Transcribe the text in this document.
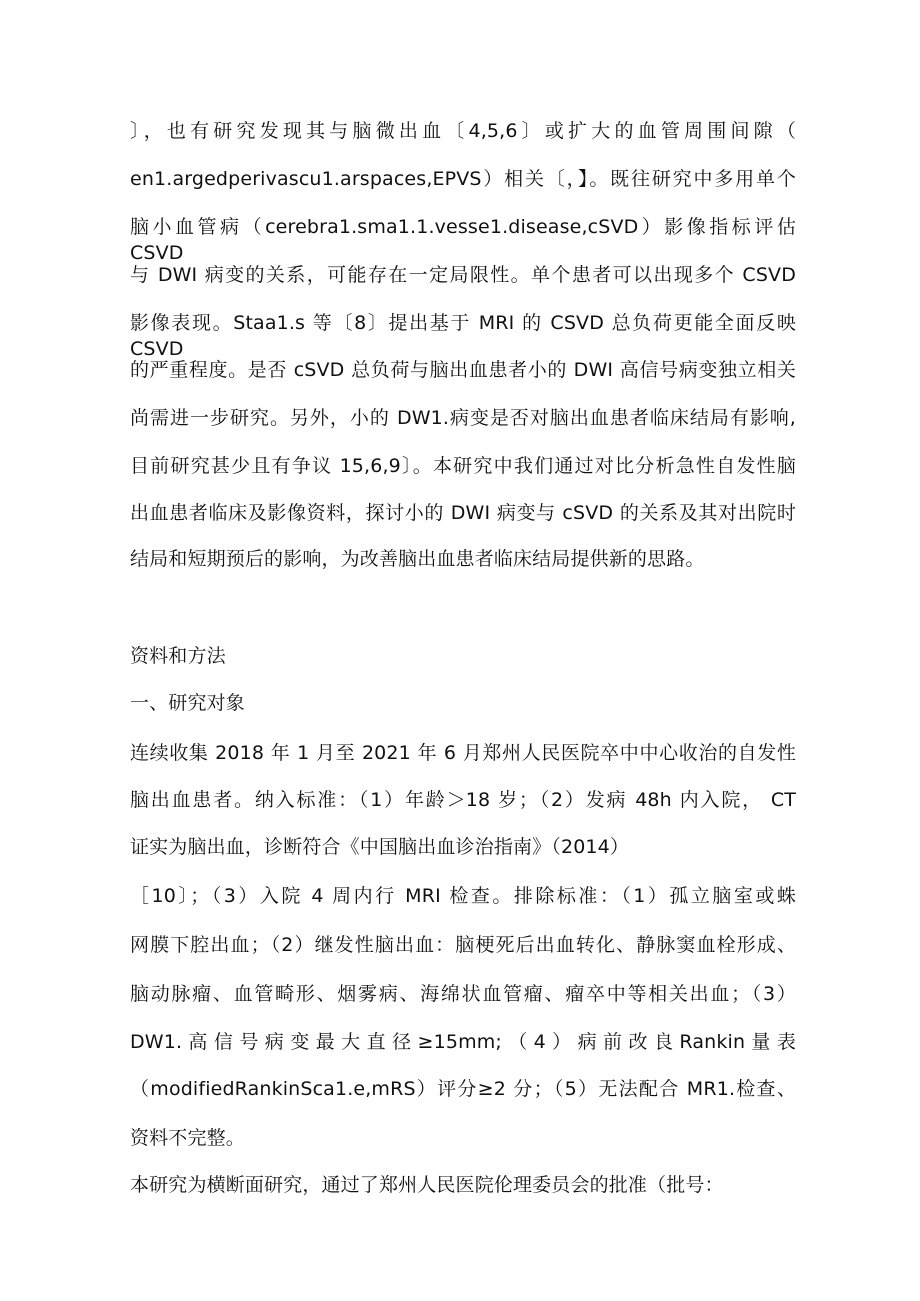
〕，也有研究发现其与脑微出血〔4,5,6〕或扩大的血管周围间隙（
en1.argedperivascu1.arspaces,EPVS）相关〔，】。既往研究中多用单个
脑小血管病（cerebra1.sma1.1.vesse1.disease,cSVD）影像指标评估 CSVD
与 DWI 病变的关系，可能存在一定局限性。单个患者可以出现多个 CSVD
影像表现。Staa1.s 等〔8〕提出基于 MRI 的 CSVD 总负荷更能全面反映 CSVD
的严重程度。是否 cSVD 总负荷与脑出血患者小的 DWI 高信号病变独立相关
尚需进一步研究。另外，小的 DW1.病变是否对脑出血患者临床结局有影响,
目前研究甚少且有争议 15,6,9〕。本研究中我们通过对比分析急性自发性脑
出血患者临床及影像资料，探讨小的 DWI 病变与 cSVD 的关系及其对出院时
结局和短期预后的影响，为改善脑出血患者临床结局提供新的思路。
资料和方法
一、研究对象
连续收集 2018 年 1 月至 2021 年 6 月郑州人民医院卒中中心收治的自发性
脑出血患者。纳入标准：（1）年龄＞18 岁；（2）发病 48h 内入院， CT
证实为脑出血，诊断符合《中国脑出血诊治指南》（2014）
［10〕；（3）入院 4 周内行 MRI 检查。排除标准：（1）孤立脑室或蛛
网膜下腔出血；（2）继发性脑出血：脑梗死后出血转化、静脉窦血栓形成、
脑动脉瘤、血管畸形、烟雾病、海绵状血管瘤、瘤卒中等相关出血；（3）
DW1. 高 信 号 病 变 最 大 直 径 ≥15mm; （ 4 ） 病 前 改 良 Rankin 量 表
（modifiedRankinSca1.e,mRS）评分≥2 分；（5）无法配合 MR1.检查、
资料不完整。
本研究为横断面研究，通过了郑州人民医院伦理委员会的批准（批号：
